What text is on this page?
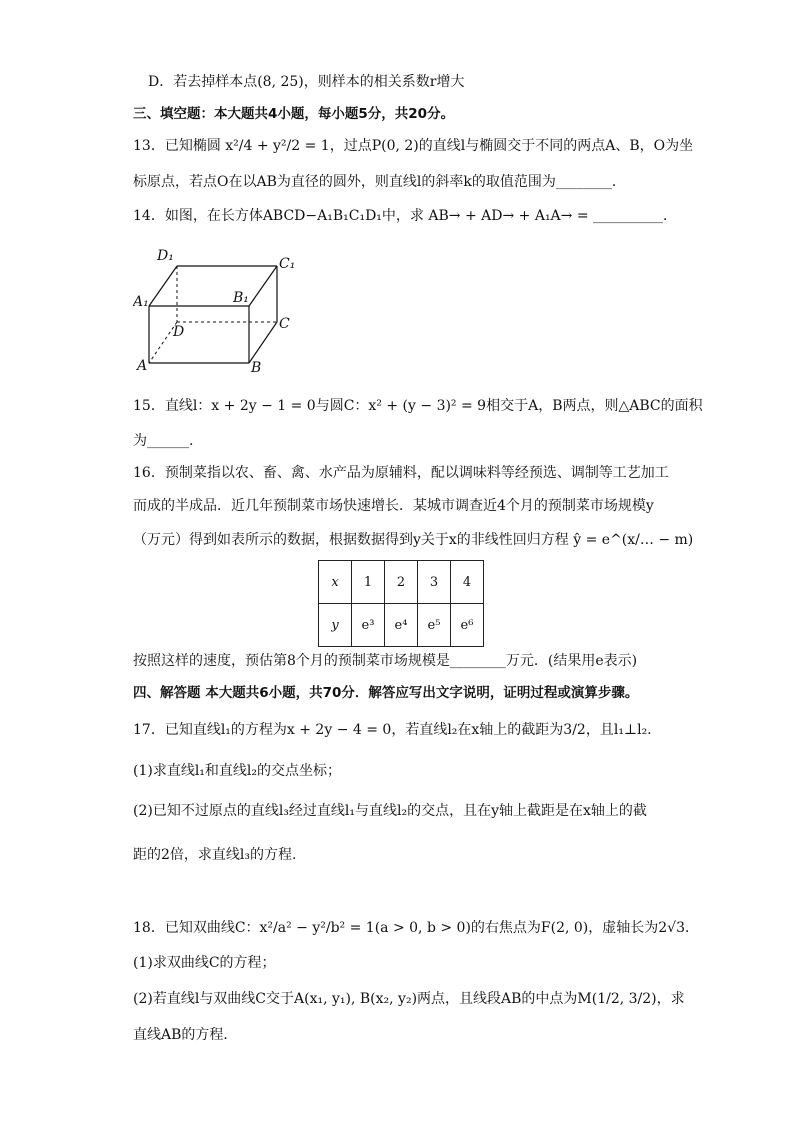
D．若去掉样本点(8, 25)，则样本的相关系数r增大
三、填空题：本大题共4小题，每小题5分，共20分。
13．已知椭圆 x²/4 + y²/2 = 1，过点P(0, 2)的直线l与椭圆交于不同的两点A、B，O为坐
标原点，若点O在以AB为直径的圆外，则直线l的斜率k的取值范围为________．
14．如图，在长方体ABCD−A₁B₁C₁D₁中，求 AB→ + AD→ + A₁A→ = __________．
D₁	C₁
A₁	B₁
D	C
A	B
15．直线l：x + 2y − 1 = 0与圆C：x² + (y − 3)² = 9相交于A，B两点，则△ABC的面积
为______.
16．预制菜指以农、畜、禽、水产品为原辅料，配以调味料等经预选、调制等工艺加工
而成的半成品．近几年预制菜市场快速增长．某城市调查近4个月的预制菜市场规模y
（万元）得到如表所示的数据，根据数据得到y关于x的非线性回归方程 ŷ = e^(x/… − m)
x	1	2	3	4
y	e³	e⁴	e⁵	e⁶
按照这样的速度，预估第8个月的预制菜市场规模是________万元．(结果用e表示)
四、解答题 本大题共6小题，共70分．解答应写出文字说明，证明过程或演算步骤。
17．已知直线l₁的方程为x + 2y − 4 = 0，若直线l₂在x轴上的截距为3/2，且l₁⊥l₂.
(1)求直线l₁和直线l₂的交点坐标；
(2)已知不过原点的直线l₃经过直线l₁与直线l₂的交点，且在y轴上截距是在x轴上的截
距的2倍，求直线l₃的方程.
18．已知双曲线C：x²/a² − y²/b² = 1(a > 0, b > 0)的右焦点为F(2, 0)，虚轴长为2√3．
(1)求双曲线C的方程；
(2)若直线l与双曲线C交于A(x₁, y₁), B(x₂, y₂)两点，且线段AB的中点为M(1/2, 3/2)，求
直线AB的方程．
